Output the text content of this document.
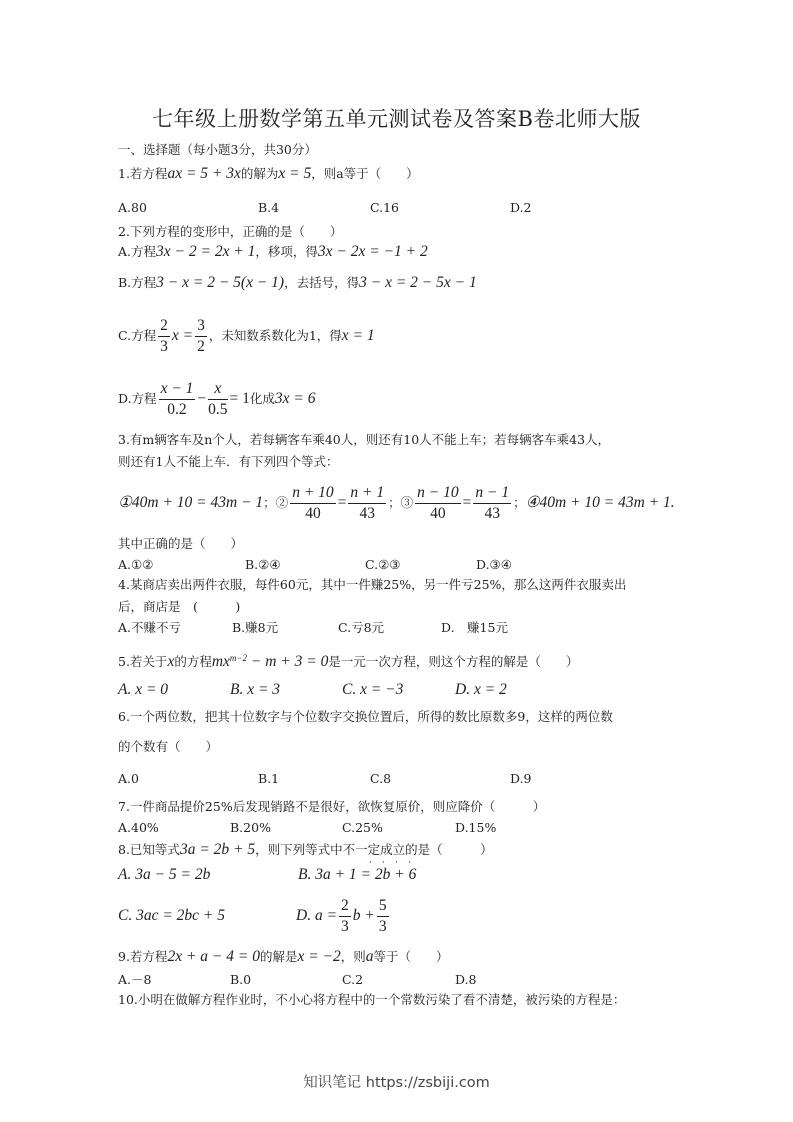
七年级上册数学第五单元测试卷及答案B卷北师大版
一、选择题（每小题3分，共30分）
1.若方程ax = 5 + 3x的解为x = 5，则a等于（　　）
A.80	B.4	C.16	D.2
2.下列方程的变形中，正确的是（　　）
A.方程3x − 2 = 2x + 1，移项，得3x − 2x = −1 + 2
B.方程3 − x = 2 − 5(x − 1)，去括号，得3 − x = 2 − 5x − 1
C.方程 $\frac{2}{3}$ $x = \frac{3}{2}$ ，未知数系数化为1，得x = 1
D.方程 $\frac{x - 1}{0.2} - \frac{x}{0.5} = 1$化成3x = 6
3.有m辆客车及n个人，若每辆客车乘40人，则还有10人不能上车；若每辆客车乘43人，
则还有1人不能上车．有下列四个等式：
①40m + 10 = 43m − 1；② $\frac{n + 10}{40} = \frac{n + 1}{43}$ ；③ $\frac{n - 10}{40} = \frac{n - 1}{43}$ ；④40m + 10 = 43m + 1.
其中正确的是（　　）
A.①②	B.②④	C.②③	D.③④
4.某商店卖出两件衣服，每件60元，其中一件赚25%，另一件亏25%，那么这两件衣服卖出
后，商店是　(　　　)
A.不赚不亏	B.赚8元	C.亏8元	D.　赚15元
5.若关于x的方程$mx^{m-2} - m + 3 = 0$是一元一次方程，则这个方程的解是（　　）
A. x = 0	B. x = 3	C. x = −3	D. x = 2
6.一个两位数，把其十位数字与个位数字交换位置后，所得的数比原数多9，这样的两位数
的个数有（　　）
A.0	B.1	C.8	D.9
7.一件商品提价25%后发现销路不是很好，欲恢复原价，则应降价（　　　）
A.40%	B.20%	C.25%	D.15%
8.已知等式3a = 2b + 5，则下列等式中不一定成立的是（　　　）
· · · ·
A. 3a − 5 = 2b	B. 3a + 1 = 2b + 6
C. 3ac = 2bc + 5	D. $a = \frac{2}{3}$ $b + \frac{5}{3}$
9.若方程2x + a − 4 = 0的解是x = −2，则a等于（　　）
A.－8	B.0	C.2	D.8
10.小明在做解方程作业时，不小心将方程中的一个常数污染了看不清楚，被污染的方程是：
知识笔记 https://zsbiji.com
